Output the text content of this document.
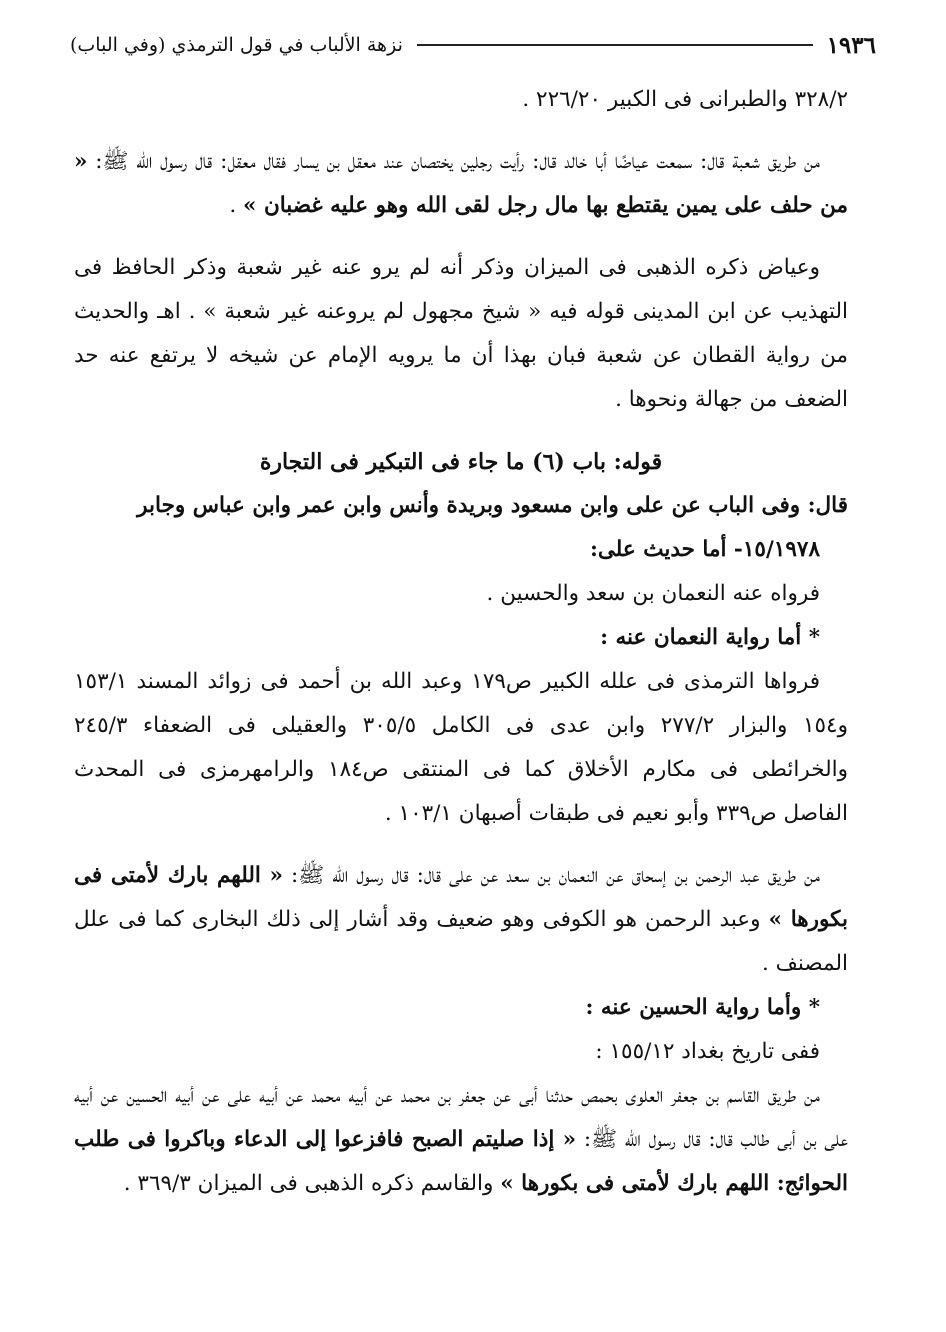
١٩٣٦
نزهة الألباب في قول الترمذي (وفي الباب)

٣٢٨/٢ والطبرانى فى الكبير ٢٢٦/٢٠ .

من طريق شعبة قال: سمعت عياضًا أبا خالد قال: رأيت رجلين يختصان عند معقل بن يسار فقال معقل: قال رسول الله ﷺ: « من حلف على يمين يقتطع بها مال رجل لقى الله وهو عليه غضبان » .

وعياض ذكره الذهبى فى الميزان وذكر أنه لم يرو عنه غير شعبة وذكر الحافظ فى التهذيب عن ابن المدينى قوله فيه « شيخ مجهول لم يروعنه غير شعبة » . اهـ والحديث من رواية القطان عن شعبة فبان بهذا أن ما يرويه الإمام عن شيخه لا يرتفع عنه حد الضعف من جهالة ونحوها .

قوله: باب (٦) ما جاء فى التبكير فى التجارة

قال: وفى الباب عن على وابن مسعود وبريدة وأنس وابن عمر وابن عباس وجابر

١٥/١٩٧٨- أما حديث على:

فرواه عنه النعمان بن سعد والحسين .

* أما رواية النعمان عنه :

فرواها الترمذى فى علله الكبير ص١٧٩ وعبد الله بن أحمد فى زوائد المسند ١٥٣/١ و١٥٤ والبزار ٢٧٧/٢ وابن عدى فى الكامل ٣٠٥/٥ والعقيلى فى الضعفاء ٢٤٥/٣ والخرائطى فى مكارم الأخلاق كما فى المنتقى ص١٨٤ والرامهرمزى فى المحدث الفاصل ص٣٣٩ وأبو نعيم فى طبقات أصبهان ١٠٣/١ .

من طريق عبد الرحمن بن إسحاق عن النعمان بن سعد عن على قال: قال رسول الله ﷺ: « اللهم بارك لأمتى فى بكورها » وعبد الرحمن هو الكوفى وهو ضعيف وقد أشار إلى ذلك البخارى كما فى علل المصنف .

* وأما رواية الحسين عنه :

ففى تاريخ بغداد ١٥٥/١٢ :

من طريق القاسم بن جعفر العلوى بحمص حدثنا أبى عن جعفر بن محمد عن أبيه محمد عن أبيه على عن أبيه الحسين عن أبيه على بن أبى طالب قال: قال رسول الله ﷺ: « إذا صليتم الصبح فافزعوا إلى الدعاء وباكروا فى طلب الحوائج: اللهم بارك لأمتى فى بكورها » والقاسم ذكره الذهبى فى الميزان ٣٦٩/٣ .
